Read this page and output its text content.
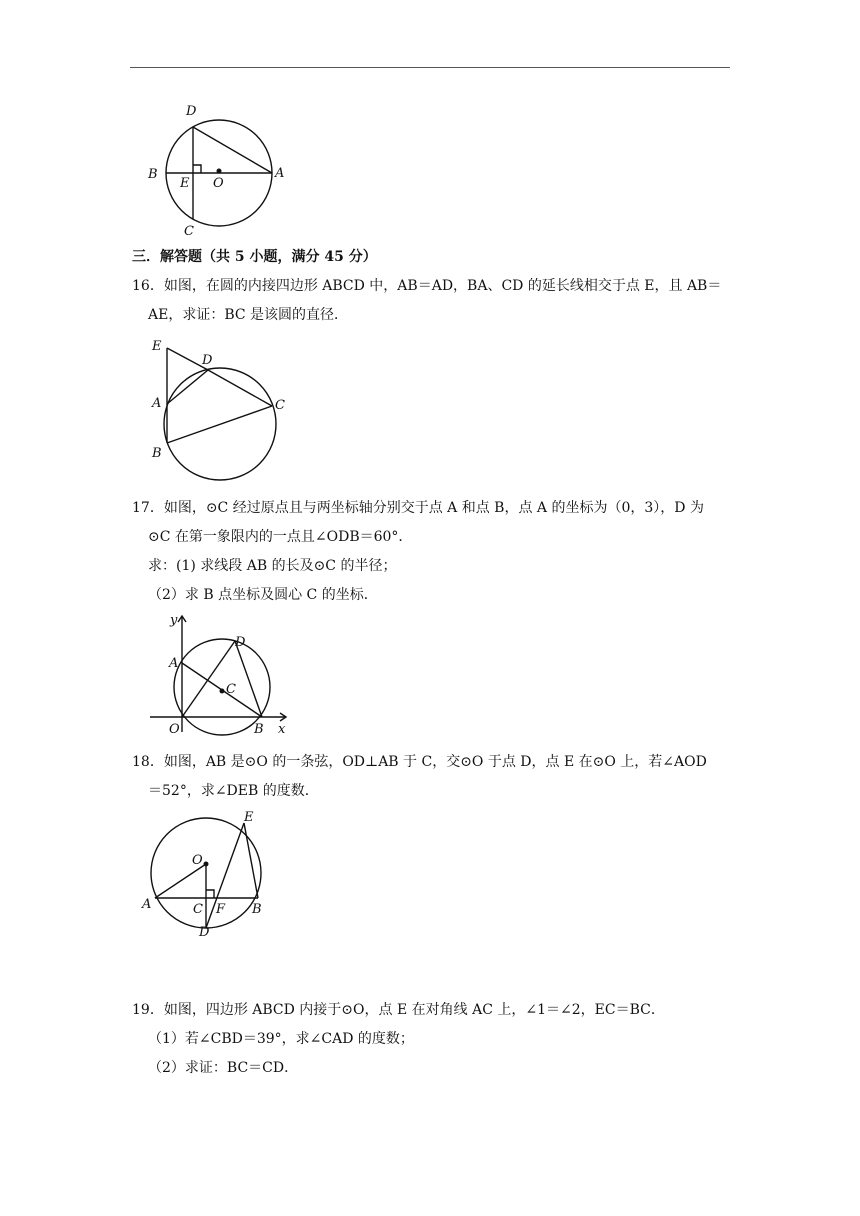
D
B
E O
A
C
三．解答题（共 5 小题，满分 45 分）
16．如图，在圆的内接四边形 ABCD 中，AB＝AD，BA、CD 的延长线相交于点 E，且 AB＝
AE，求证：BC 是该圆的直径．
E
D
A	C
B
17．如图，⊙C 经过原点且与两坐标轴分别交于点 A 和点 B，点 A 的坐标为（0，3），D 为
⊙C 在第一象限内的一点且∠ODB＝60°．
求：(1) 求线段 AB 的长及⊙C 的半径；
（2）求 B 点坐标及圆心 C 的坐标．
y
D
A
C
O	B x
18．如图，AB 是⊙O 的一条弦，OD⊥AB 于 C，交⊙O 于点 D，点 E 在⊙O 上，若∠AOD
＝52°，求∠DEB 的度数．
E
O
A	C F B
D
19．如图，四边形 ABCD 内接于⊙O，点 E 在对角线 AC 上，∠1＝∠2，EC＝BC．
（1）若∠CBD＝39°，求∠CAD 的度数；
（2）求证：BC＝CD．
